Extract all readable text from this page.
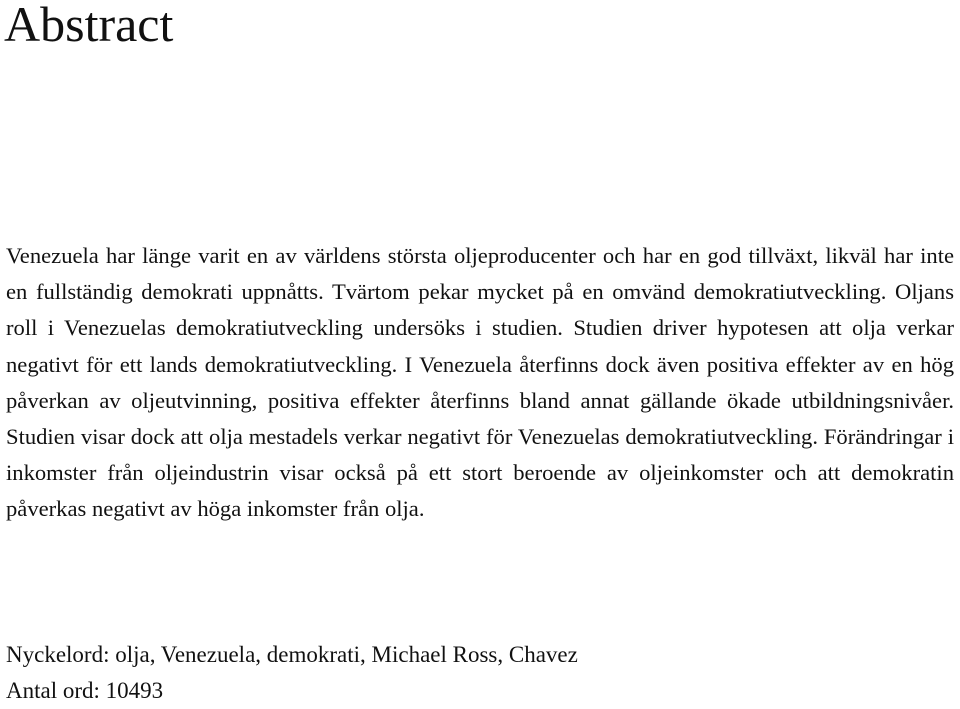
Abstract

Venezuela har länge varit en av världens största oljeproducenter och har en god tillväxt, likväl har inte en fullständig demokrati uppnåtts. Tvärtom pekar mycket på en omvänd demokratiutveckling. Oljans roll i Venezuelas demokratiutveckling undersöks i studien. Studien driver hypotesen att olja verkar negativt för ett lands demokratiutveckling. I Venezuela återfinns dock även positiva effekter av en hög påverkan av oljeutvinning, positiva effekter återfinns bland annat gällande ökade utbildningsnivåer. Studien visar dock att olja mestadels verkar negativt för Venezuelas demokratiutveckling. Förändringar i inkomster från oljeindustrin visar också på ett stort beroende av oljeinkomster och att demokratin påverkas negativt av höga inkomster från olja.

Nyckelord: olja, Venezuela, demokrati, Michael Ross, Chavez

Antal ord: 10493
